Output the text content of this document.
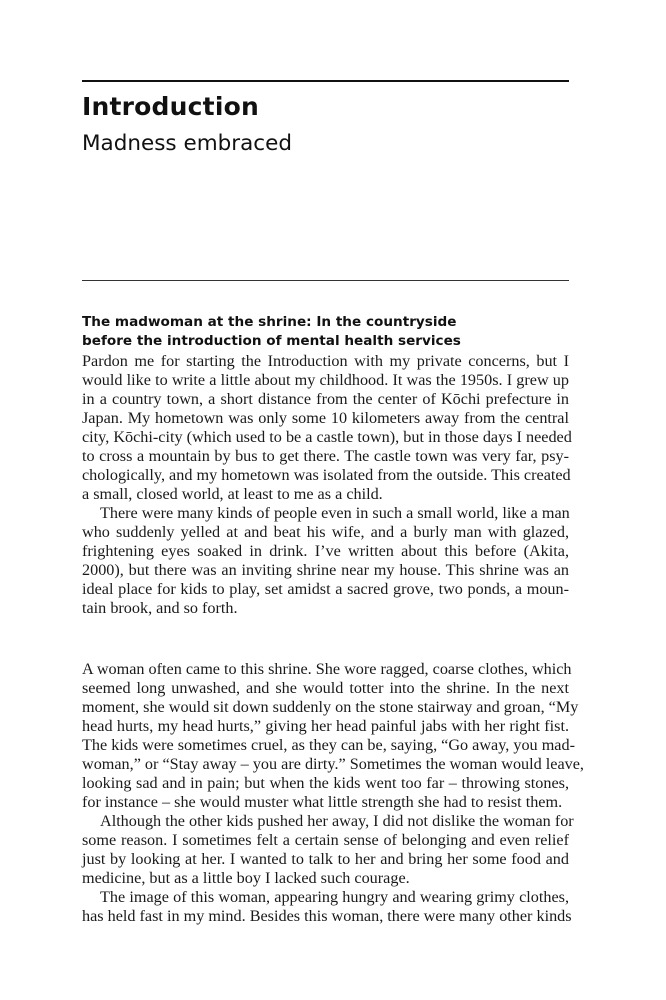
Introduction
Madness embraced
The madwoman at the shrine: In the countryside
before the introduction of mental health services
Pardon me for starting the Introduction with my private concerns, but I
would like to write a little about my childhood. It was the 1950s. I grew up
in a country town, a short distance from the center of Kōchi prefecture in
Japan. My hometown was only some 10 kilometers away from the central
city, Kōchi-city (which used to be a castle town), but in those days I needed
to cross a mountain by bus to get there. The castle town was very far, psy-
chologically, and my hometown was isolated from the outside. This created
a small, closed world, at least to me as a child.
There were many kinds of people even in such a small world, like a man
who suddenly yelled at and beat his wife, and a burly man with glazed,
frightening eyes soaked in drink. I’ve written about this before (Akita,
2000), but there was an inviting shrine near my house. This shrine was an
ideal place for kids to play, set amidst a sacred grove, two ponds, a moun-
tain brook, and so forth.
A woman often came to this shrine. She wore ragged, coarse clothes, which
seemed long unwashed, and she would totter into the shrine. In the next
moment, she would sit down suddenly on the stone stairway and groan, “My
head hurts, my head hurts,” giving her head painful jabs with her right fist.
The kids were sometimes cruel, as they can be, saying, “Go away, you mad-
woman,” or “Stay away – you are dirty.” Sometimes the woman would leave,
looking sad and in pain; but when the kids went too far – throwing stones,
for instance – she would muster what little strength she had to resist them.
Although the other kids pushed her away, I did not dislike the woman for
some reason. I sometimes felt a certain sense of belonging and even relief
just by looking at her. I wanted to talk to her and bring her some food and
medicine, but as a little boy I lacked such courage.
The image of this woman, appearing hungry and wearing grimy clothes,
has held fast in my mind. Besides this woman, there were many other kinds
